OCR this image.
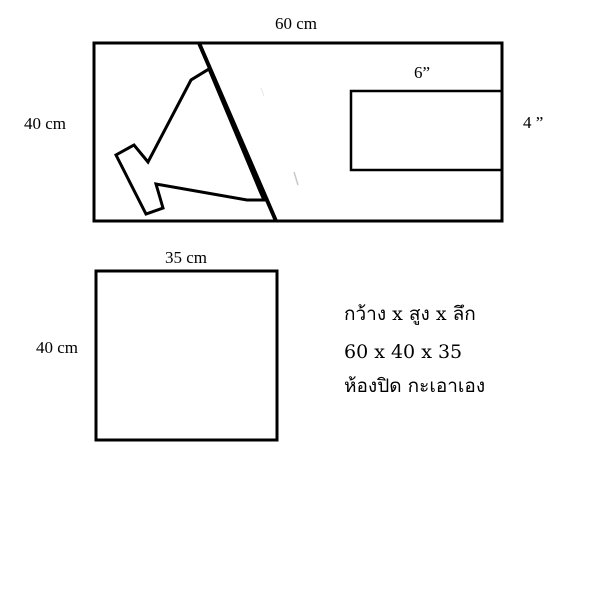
60 cm
40 cm
6”
4 ”
35 cm
40 cm
กว้าง x สูง x ลึก
60 x 40 x 35
ห้องปิด กะเอาเอง
